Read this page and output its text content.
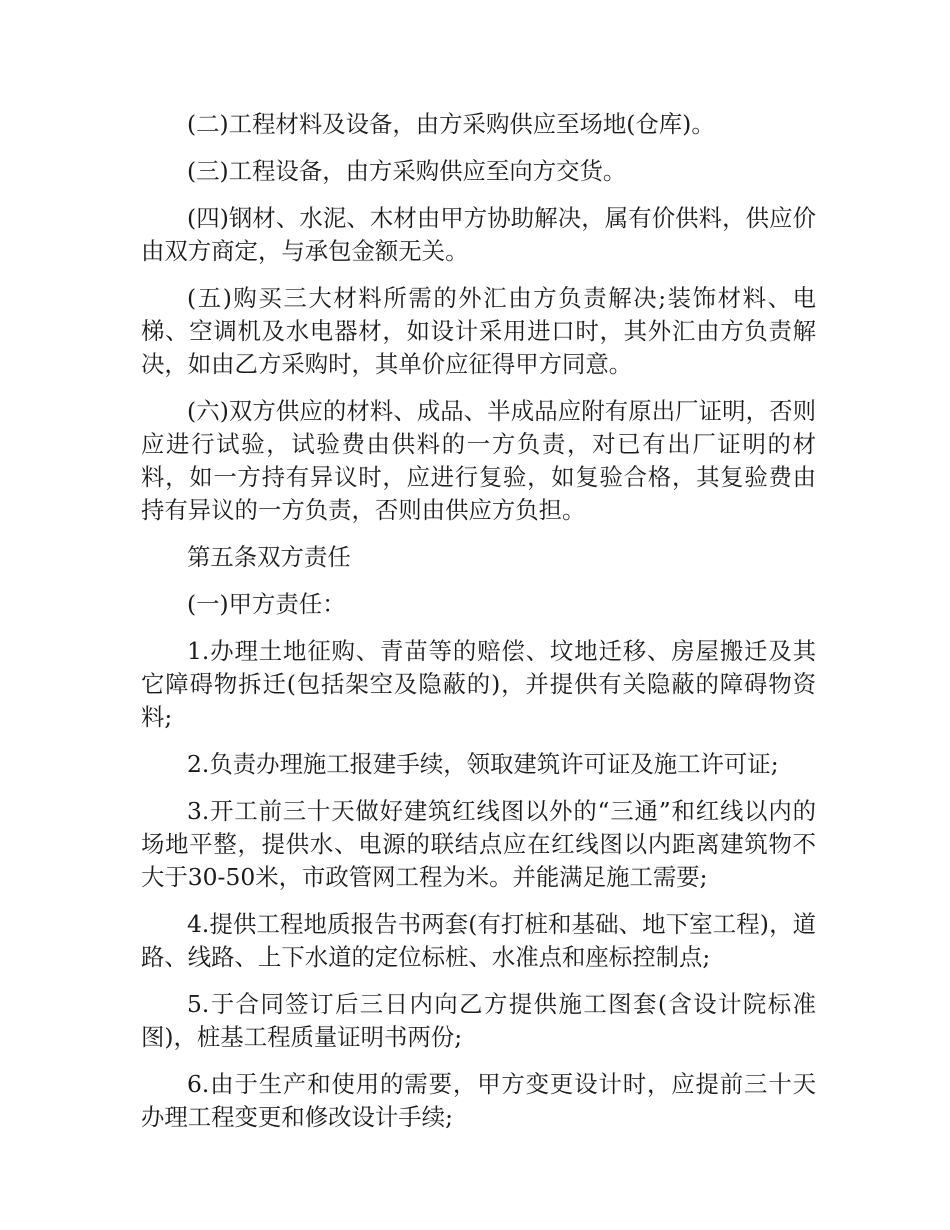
(二)工程材料及设备，由方采购供应至场地(仓库)。

(三)工程设备，由方采购供应至向方交货。

(四)钢材、水泥、木材由甲方协助解决，属有价供料，供应价由双方商定，与承包金额无关。

(五)购买三大材料所需的外汇由方负责解决;装饰材料、电梯、空调机及水电器材，如设计采用进口时，其外汇由方负责解决，如由乙方采购时，其单价应征得甲方同意。

(六)双方供应的材料、成品、半成品应附有原出厂证明，否则应进行试验，试验费由供料的一方负责，对已有出厂证明的材料，如一方持有异议时，应进行复验，如复验合格，其复验费由持有异议的一方负责，否则由供应方负担。

第五条双方责任

(一)甲方责任：

1.办理土地征购、青苗等的赔偿、坟地迁移、房屋搬迁及其它障碍物拆迁(包括架空及隐蔽的)，并提供有关隐蔽的障碍物资料;

2.负责办理施工报建手续，领取建筑许可证及施工许可证;

3.开工前三十天做好建筑红线图以外的“三通”和红线以内的场地平整，提供水、电源的联结点应在红线图以内距离建筑物不大于30-50米，市政管网工程为米。并能满足施工需要;

4.提供工程地质报告书两套(有打桩和基础、地下室工程)，道路、线路、上下水道的定位标桩、水准点和座标控制点;

5.于合同签订后三日内向乙方提供施工图套(含设计院标准图)，桩基工程质量证明书两份;

6.由于生产和使用的需要，甲方变更设计时，应提前三十天办理工程变更和修改设计手续;
